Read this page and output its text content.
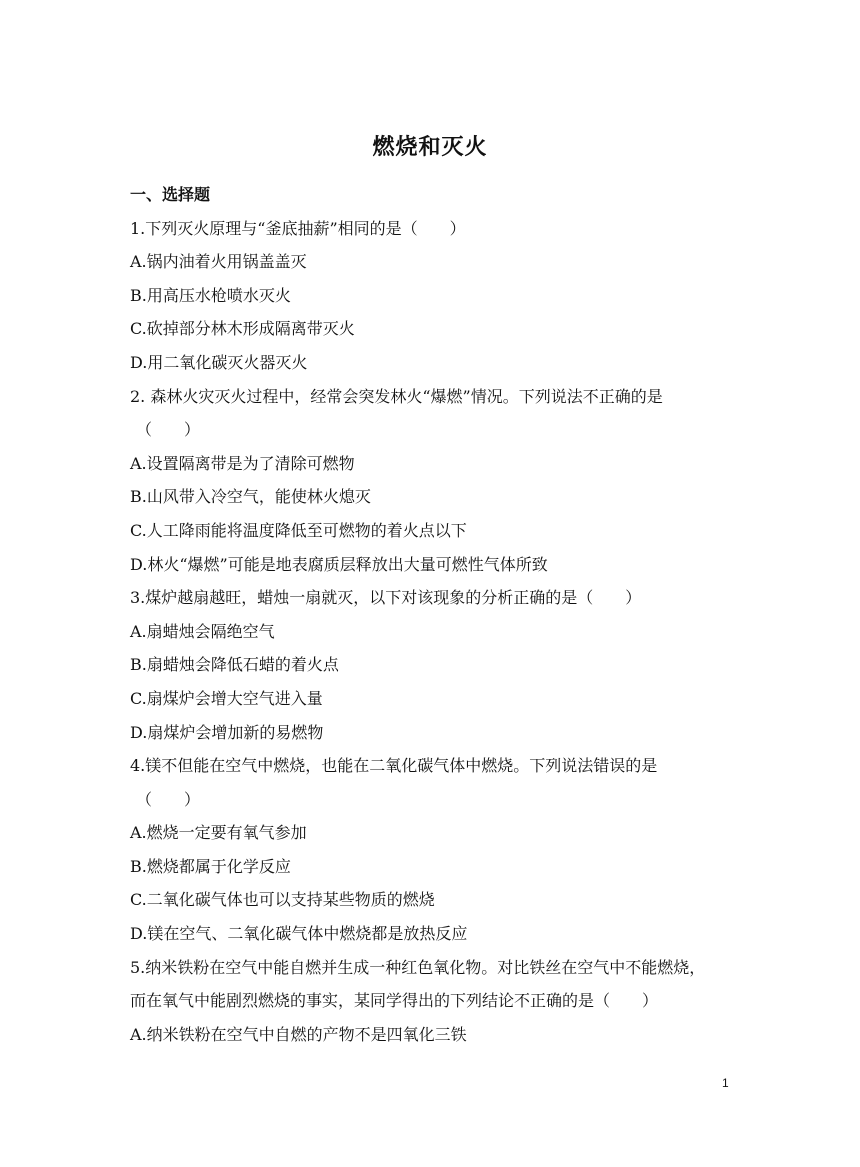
燃烧和灭火
一、选择题
1.下列灭火原理与“釜底抽薪”相同的是（　　）
A.锅内油着火用锅盖盖灭
B.用高压水枪喷水灭火
C.砍掉部分林木形成隔离带灭火
D.用二氧化碳灭火器灭火
2. 森林火灾灭火过程中，经常会突发林火“爆燃”情况。下列说法不正确的是
（　　）
A.设置隔离带是为了清除可燃物
B.山风带入冷空气，能使林火熄灭
C.人工降雨能将温度降低至可燃物的着火点以下
D.林火“爆燃”可能是地表腐质层释放出大量可燃性气体所致
3.煤炉越扇越旺，蜡烛一扇就灭，以下对该现象的分析正确的是（　　）
A.扇蜡烛会隔绝空气
B.扇蜡烛会降低石蜡的着火点
C.扇煤炉会增大空气进入量
D.扇煤炉会增加新的易燃物
4.镁不但能在空气中燃烧，也能在二氧化碳气体中燃烧。下列说法错误的是
（　　）
A.燃烧一定要有氧气参加
B.燃烧都属于化学反应
C.二氧化碳气体也可以支持某些物质的燃烧
D.镁在空气、二氧化碳气体中燃烧都是放热反应
5.纳米铁粉在空气中能自燃并生成一种红色氧化物。对比铁丝在空气中不能燃烧，
而在氧气中能剧烈燃烧的事实，某同学得出的下列结论不正确的是（　　）
A.纳米铁粉在空气中自燃的产物不是四氧化三铁
1
